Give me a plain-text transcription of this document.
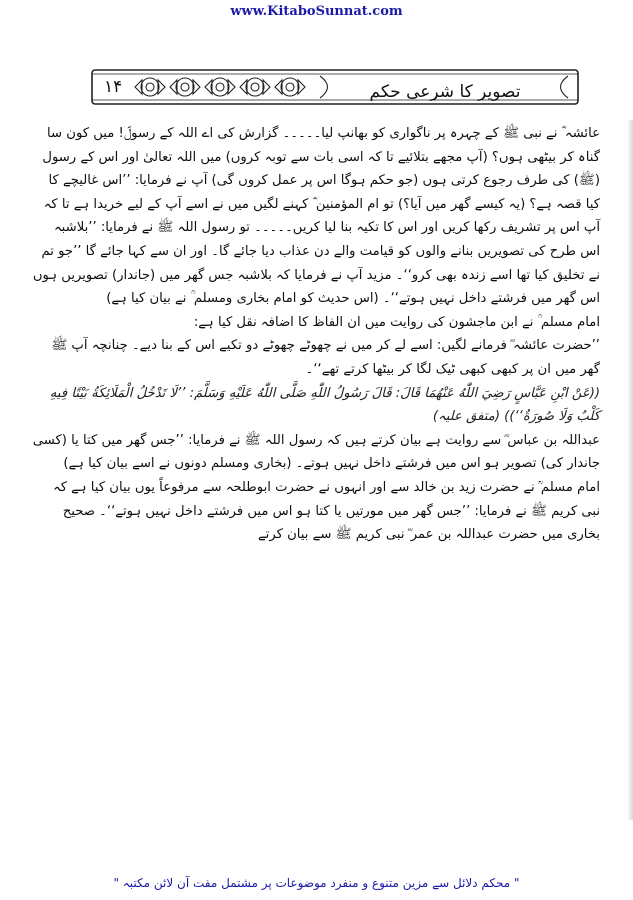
www.KitaboSunnat.com
۱۴	تصویر کا شرعی حکم

عائشہ ؓ نے نبی ﷺ کے چہرہ پر ناگواری کو بھانپ لیا۔۔۔۔۔ گزارش کی اے اللہ کے رسولؐ! میں کون سا گناہ کر بیٹھی ہوں؟ (آپ مجھے بتلائیے تا کہ اسی بات سے توبہ کروں) میں اللہ تعالیٰ اور اس کے رسول (ﷺ) کی طرف رجوع کرتی ہوں (جو حکم ہوگا اس پر عمل کروں گی) آپ نے فرمایا: ’’اس غالیچے کا کیا قصہ ہے؟ (یہ کیسے گھر میں آیا؟) تو ام المؤمنین ؓ کہنے لگیں میں نے اسے آپ کے لیے خریدا ہے تا کہ آپ اس پر تشریف رکھا کریں اور اس کا تکیہ بنا لیا کریں۔۔۔۔۔ تو رسول اللہ ﷺ نے فرمایا: ’’بلاشبہ اس طرح کی تصویریں بنانے والوں کو قیامت والے دن عذاب دیا جائے گا۔ اور ان سے کہا جائے گا ’’جو تم نے تخلیق کیا تھا اسے زندہ بھی کرو‘‘۔ مزید آپ نے فرمایا کہ بلاشبہ جس گھر میں (جاندار) تصویریں ہوں اس گھر میں فرشتے داخل نہیں ہوتے‘‘۔ (اس حدیث کو امام بخاری ومسلم ؒ نے بیان کیا ہے)

امام مسلم ؒ نے ابن ماجشون کی روایت میں ان الفاظ کا اضافہ نقل کیا ہے:

’’حضرت عائشہ ؓ فرمانے لگیں: اسے لے کر میں نے چھوٹے چھوٹے دو تکیے اس کے بنا دیے۔ چنانچہ آپ ﷺ گھر میں ان پر کبھی کبھی ٹیک لگا کر بیٹھا کرتے تھے‘‘۔

((عَنْ ابْنِ عَبَّاسٍ رَضِيَ اللّٰهُ عَنْهُمَا قَالَ: قَالَ رَسُولُ اللّٰهِ صَلَّى اللّٰهُ عَلَيْهِ وَسَلَّمَ: ’’لَا تَدْخُلُ الْمَلَائِكَةُ بَيْتًا فِيهِ كَلْبٌ وَلَا صُورَةٌ‘‘)) (متفق علیہ)

عبداللہ بن عباس ؓ سے روایت ہے بیان کرتے ہیں کہ رسول اللہ ﷺ نے فرمایا: ’’جس گھر میں کتا یا (کسی جاندار کی) تصویر ہو اس میں فرشتے داخل نہیں ہوتے۔ (بخاری ومسلم دونوں نے اسے بیان کیا ہے)

امام مسلم ؒ نے حضرت زید بن خالد سے اور انہوں نے حضرت ابوطلحہ سے مرفوعاً یوں بیان کیا ہے کہ نبی کریم ﷺ نے فرمایا: ’’جس گھر میں مورتیں یا کتا ہو اس میں فرشتے داخل نہیں ہوتے‘‘۔ صحیح بخاری میں حضرت عبداللہ بن عمر ؓ نبی کریم ﷺ سے بیان کرتے

" محکم دلائل سے مزین متنوع و منفرد موضوعات پر مشتمل مفت آن لائن مکتبہ "
